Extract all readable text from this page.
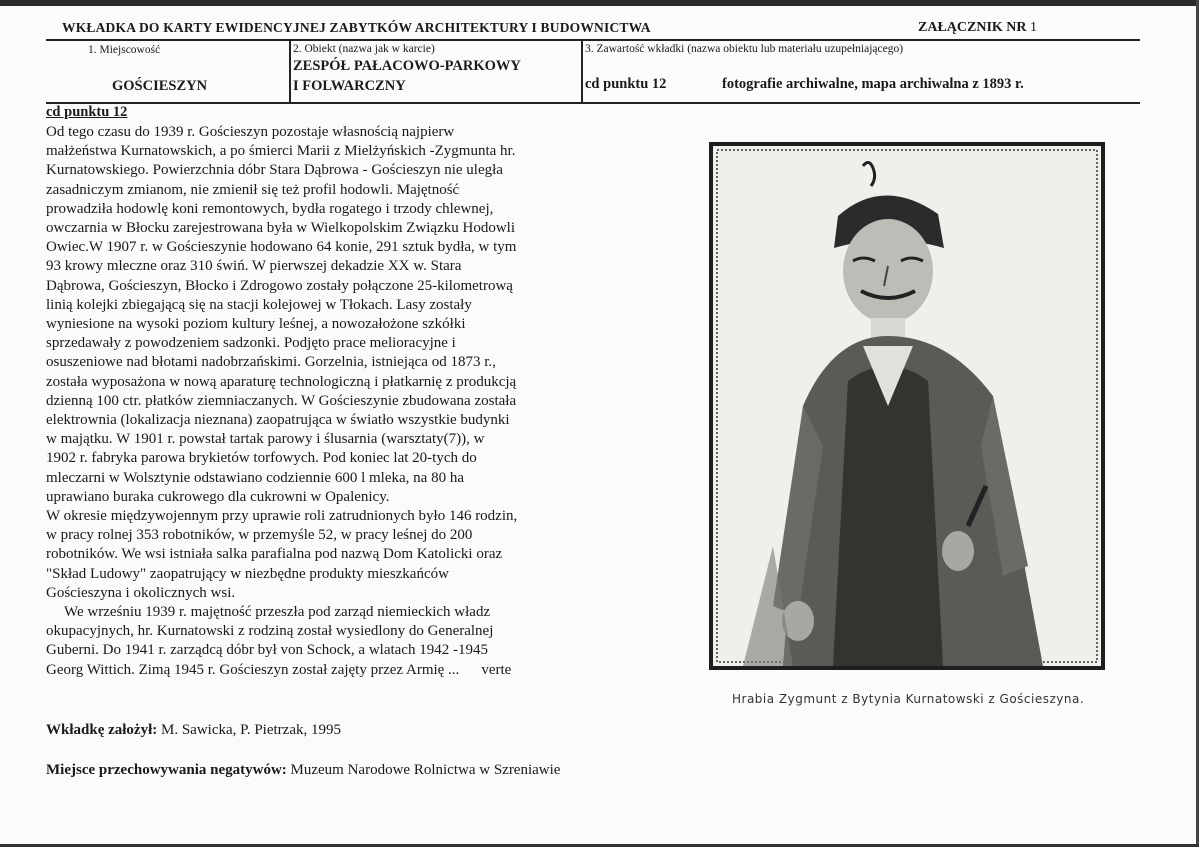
WKŁADKA DO KARTY EWIDENCYJNEJ ZABYTKÓW ARCHITEKTURY I BUDOWNICTWA	ZAŁĄCZNIK NR 1
1. Miejscowość
GOŚCIESZYN
2. Obiekt (nazwa jak w karcie)
ZESPÓŁ PAŁACOWO-PARKOWY
I FOLWARCZNY
3. Zawartość wkładki (nazwa obiektu lub materiału uzupełniającego)
cd punktu 12	fotografie archiwalne, mapa archiwalna z 1893 r.
cd punktu 12
Od tego czasu do 1939 r. Gościeszyn pozostaje własnością najpierw
małżeństwa Kurnatowskich, a po śmierci Marii z Mielżyńskich -Zygmunta hr.
Kurnatowskiego. Powierzchnia dóbr Stara Dąbrowa - Gościeszyn nie uległa
zasadniczym zmianom, nie zmienił się też profil hodowli. Majętność
prowadziła hodowlę koni remontowych, bydła rogatego i trzody chlewnej,
owczarnia w Błocku zarejestrowana była w Wielkopolskim Związku Hodowli
Owiec.W 1907 r. w Gościeszynie hodowano 64 konie, 291 sztuk bydła, w tym
93 krowy mleczne oraz 310 świń. W pierwszej dekadzie XX w. Stara
Dąbrowa, Gościeszyn, Błocko i Zdrogowo zostały połączone 25-kilometrową
linią kolejki zbiegającą się na stacji kolejowej w Tłokach. Lasy zostały
wyniesione na wysoki poziom kultury leśnej, a nowozałożone szkółki
sprzedawały z powodzeniem sadzonki. Podjęto prace melioracyjne i
osuszeniowe nad błotami nadobrzańskimi. Gorzelnia, istniejąca od 1873 r.,
została wyposażona w nową aparaturę technologiczną i płatkarnię z produkcją
dzienną 100 ctr. płatków ziemniaczanych. W Gościeszynie zbudowana została
elektrownia (lokalizacja nieznana) zaopatrująca w światło wszystkie budynki
w majątku. W 1901 r. powstał tartak parowy i ślusarnia (warsztaty(7)), w
1902 r. fabryka parowa brykietów torfowych. Pod koniec lat 20-tych do
mleczarni w Wolsztynie odstawiano codziennie 600 l mleka, na 80 ha
uprawiano buraka cukrowego dla cukrowni w Opalenicy.
W okresie międzywojennym przy uprawie roli zatrudnionych było 146 rodzin,
w pracy rolnej 353 robotników, w przemyśle 52, w pracy leśnej do 200
robotników. We wsi istniała salka parafialna pod nazwą Dom Katolicki oraz
"Skład Ludowy" zaopatrujący w niezbędne produkty mieszkańców
Gościeszyna i okolicznych wsi.
We wrześniu 1939 r. majętność przeszła pod zarząd niemieckich władz
okupacyjnych, hr. Kurnatowski z rodziną został wysiedlony do Generalnej
Guberni. Do 1941 r. zarządcą dóbr był von Schock, a wlatach 1942 -1945
Georg Wittich. Zimą 1945 r. Gościeszyn został zajęty przez Armię ... verte
Wkładkę założył: M. Sawicka, P. Pietrzak, 1995
Miejsce przechowywania negatywów: Muzeum Narodowe Rolnictwa w Szreniawie
Hrabia Zygmunt z Bytynia Kurnatowski z Gościeszyna.
